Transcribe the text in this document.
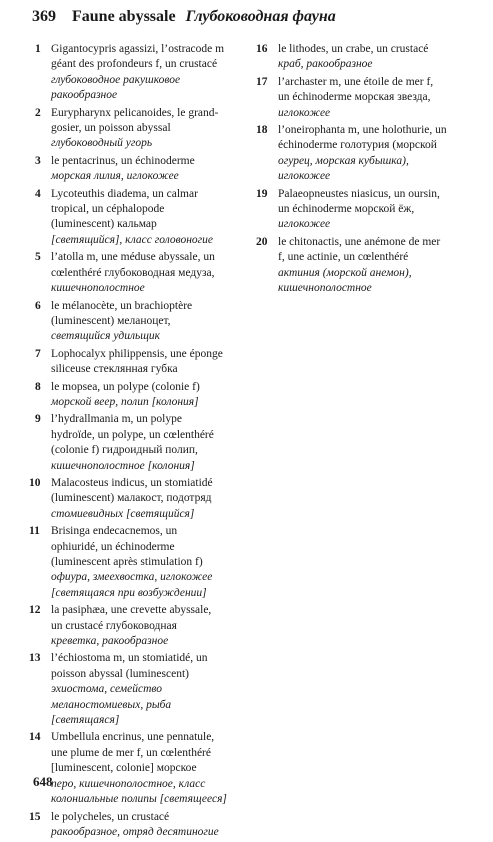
369 Faune abyssale Глубоководная фауна
1 Gigantocypris agassizi, l’ostracode m
géant des profondeurs f, un crustacé
глубоководное ракушковое
ракообразное
2 Eurypharynx pelicanoides, le grand-
gosier, un poisson abyssal
глубоководный угорь
3 le pentacrinus, un échinoderme
морская лилия, иглокожее
4 Lycoteuthis diadema, un calmar
tropical, un céphalopode
(luminescent) кальмар
[светящийся], класс головоногие
5 l’atolla m, une méduse abyssale, un
cœlenthéré глубоководная медуза,
кишечнополостное
6 le mélanocète, un brachioptère
(luminescent) меланоцет,
светящийся удильщик
7 Lophocalyx philippensis, une éponge
siliceuse стеклянная губка
8 le mopsea, un polype (colonie f)
морской веер, полип [колония]
9 l’hydrallmania m, un polype
hydroïde, un polype, un cœlenthéré
(colonie f) гидроидный полип,
кишечнополостное [колония]
10 Malacosteus indicus, un stomiatidé
(luminescent) малакост, подотряд
стомиевидных [светящийся]
11 Brisinga endecacnemos, un
ophiuridé, un échinoderme
(luminescent après stimulation f)
офиура, змеехвостка, иглокожее
[светящаяся при возбуждении]
12 la pasiphæa, une crevette abyssale,
un crustacé глубоководная
креветка, ракообразное
13 l’échiostoma m, un stomiatidé, un
poisson abyssal (luminescent)
эхиостома, семейство
меланостомиевых, рыба
[светящаяся]
14 Umbellula encrinus, une pennatule,
une plume de mer f, un cœlenthéré
[luminescent, colonie] морское
перо, кишечнополостное, класс
колониальные полипы [светящееся]
15 le polycheles, un crustacé
ракообразное, отряд десятиногие
16 le lithodes, un crabe, un crustacé
краб, ракообразное
17 l’archaster m, une étoile de mer f,
un échinoderme морская звезда,
иглокожее
18 l’oneirophanta m, une holothurie, un
échinoderme голотурия (морской
огурец, морская кубышка),
иглокожее
19 Palaeopneustes niasicus, un oursin,
un échinoderme морской ёж,
иглокожее
20 le chitonactis, une anémone de mer
f, une actinie, un cœlenthéré
актиния (морской анемон),
кишечнополостное
648
